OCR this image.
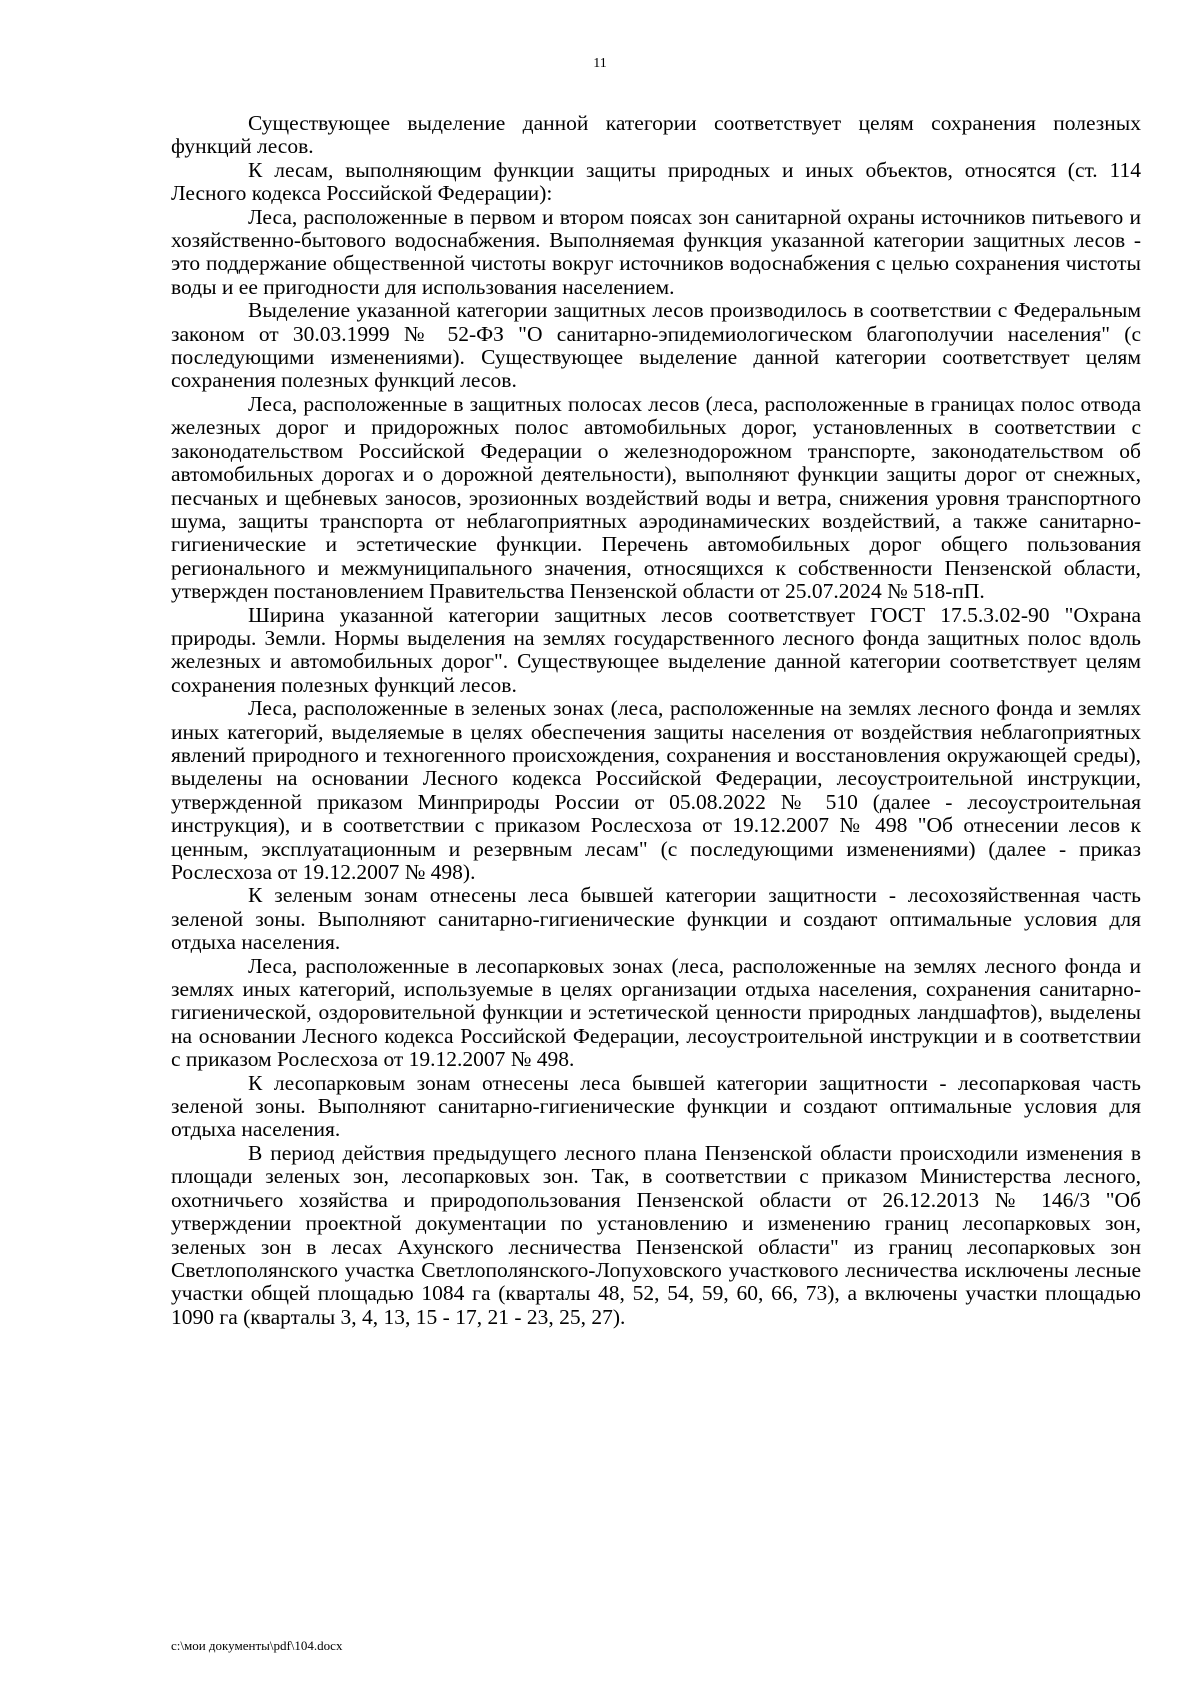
11

Существующее выделение данной категории соответствует целям сохранения полезных функций лесов.

К лесам, выполняющим функции защиты природных и иных объектов, относятся (ст. 114 Лесного кодекса Российской Федерации):

Леса, расположенные в первом и втором поясах зон санитарной охраны источников питьевого и хозяйственно-бытового водоснабжения. Выполняемая функция указанной категории защитных лесов - это поддержание общественной чистоты вокруг источников водоснабжения с целью сохранения чистоты воды и ее пригодности для использования населением.

Выделение указанной категории защитных лесов производилось в соответствии с Федеральным законом от 30.03.1999 № 52-ФЗ "О санитарно-эпидемиологическом благополучии населения" (с последующими изменениями). Существующее выделение данной категории соответствует целям сохранения полезных функций лесов.

Леса, расположенные в защитных полосах лесов (леса, расположенные в границах полос отвода железных дорог и придорожных полос автомобильных дорог, установленных в соответствии с законодательством Российской Федерации о железнодорожном транспорте, законодательством об автомобильных дорогах и о дорожной деятельности), выполняют функции защиты дорог от снежных, песчаных и щебневых заносов, эрозионных воздействий воды и ветра, снижения уровня транспортного шума, защиты транспорта от неблагоприятных аэродинамических воздействий, а также санитарно-гигиенические и эстетические функции. Перечень автомобильных дорог общего пользования регионального и межмуниципального значения, относящихся к собственности Пензенской области, утвержден постановлением Правительства Пензенской области от 25.07.2024 № 518-пП.

Ширина указанной категории защитных лесов соответствует ГОСТ 17.5.3.02-90 "Охрана природы. Земли. Нормы выделения на землях государственного лесного фонда защитных полос вдоль железных и автомобильных дорог". Существующее выделение данной категории соответствует целям сохранения полезных функций лесов.

Леса, расположенные в зеленых зонах (леса, расположенные на землях лесного фонда и землях иных категорий, выделяемые в целях обеспечения защиты населения от воздействия неблагоприятных явлений природного и техногенного происхождения, сохранения и восстановления окружающей среды), выделены на основании Лесного кодекса Российской Федерации, лесоустроительной инструкции, утвержденной приказом Минприроды России от 05.08.2022 № 510 (далее - лесоустроительная инструкция), и в соответствии с приказом Рослесхоза от 19.12.2007 № 498 "Об отнесении лесов к ценным, эксплуатационным и резервным лесам" (с последующими изменениями) (далее - приказ Рослесхоза от 19.12.2007 № 498).

К зеленым зонам отнесены леса бывшей категории защитности - лесохозяйственная часть зеленой зоны. Выполняют санитарно-гигиенические функции и создают оптимальные условия для отдыха населения.

Леса, расположенные в лесопарковых зонах (леса, расположенные на землях лесного фонда и землях иных категорий, используемые в целях организации отдыха населения, сохранения санитарно-гигиенической, оздоровительной функции и эстетической ценности природных ландшафтов), выделены на основании Лесного кодекса Российской Федерации, лесоустроительной инструкции и в соответствии с приказом Рослесхоза от 19.12.2007 № 498.

К лесопарковым зонам отнесены леса бывшей категории защитности - лесопарковая часть зеленой зоны. Выполняют санитарно-гигиенические функции и создают оптимальные условия для отдыха населения.

В период действия предыдущего лесного плана Пензенской области происходили изменения в площади зеленых зон, лесопарковых зон. Так, в соответствии с приказом Министерства лесного, охотничьего хозяйства и природопользования Пензенской области от 26.12.2013 № 146/3 "Об утверждении проектной документации по установлению и изменению границ лесопарковых зон, зеленых зон в лесах Ахунского лесничества Пензенской области" из границ лесопарковых зон Светлополянского участка Светлополянского-Лопуховского участкового лесничества исключены лесные участки общей площадью 1084 га (кварталы 48, 52, 54, 59, 60, 66, 73), а включены участки площадью 1090 га (кварталы 3, 4, 13, 15 - 17, 21 - 23, 25, 27).

c:\мои документы\pdf\104.docx
